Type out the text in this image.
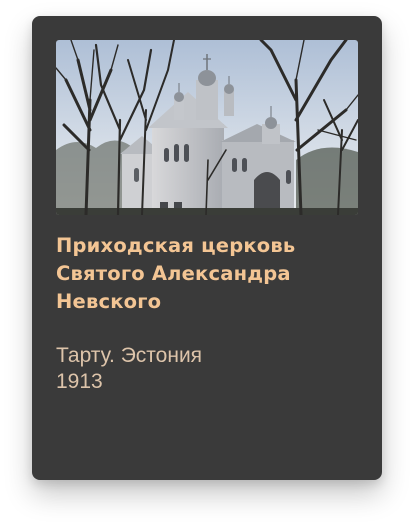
Приходская церковь Святого Александра Невского
Тарту. Эстония
1913
